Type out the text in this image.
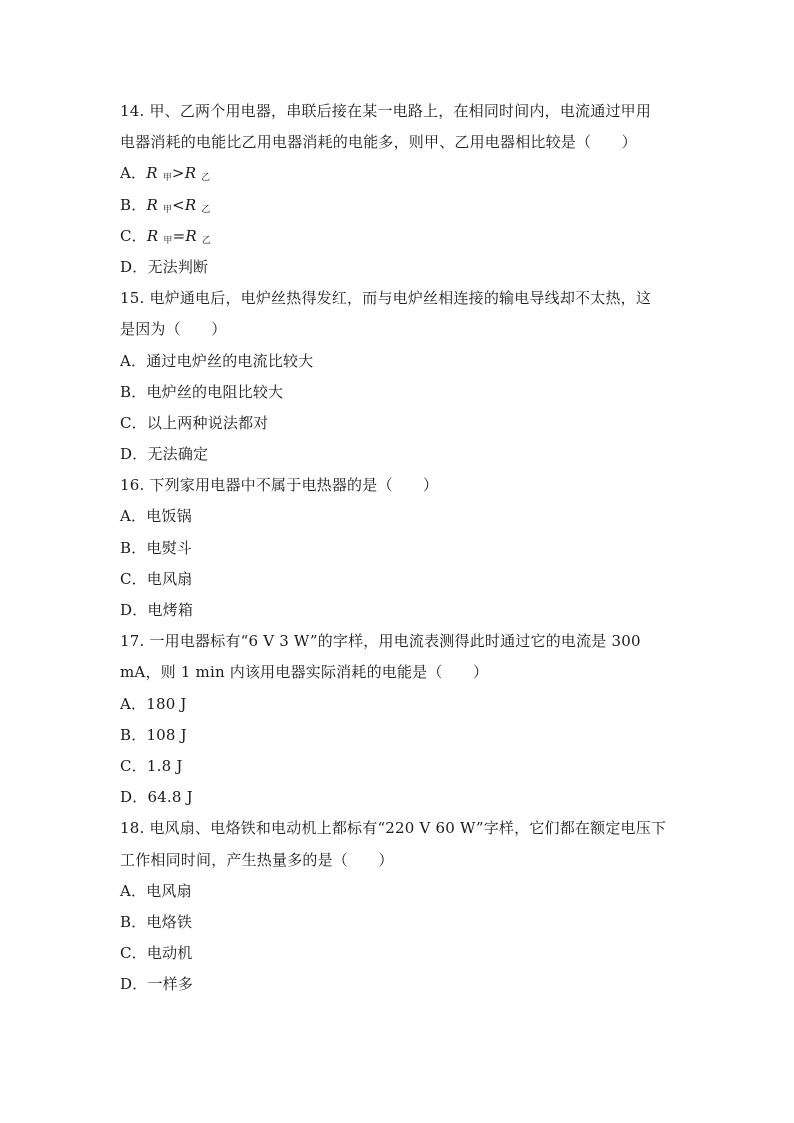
14. 甲、乙两个用电器，串联后接在某一电路上，在相同时间内，电流通过甲用
电器消耗的电能比乙用电器消耗的电能多，则甲、乙用电器相比较是（　　）
A．R $_甲$>R $_乙$
B．R $_甲$<R $_乙$
C．R $_甲$=R $_乙$
D．无法判断
15. 电炉通电后，电炉丝热得发红，而与电炉丝相连接的输电导线却不太热，这
是因为（　　）
A．通过电炉丝的电流比较大
B．电炉丝的电阻比较大
C．以上两种说法都对
D．无法确定
16. 下列家用电器中不属于电热器的是（　　）
A．电饭锅
B．电熨斗
C．电风扇
D．电烤箱
17. 一用电器标有“6 V 3 W”的字样，用电流表测得此时通过它的电流是 300
mA，则 1 min 内该用电器实际消耗的电能是（　　）
A．180 J
B．108 J
C．1.8 J
D．64.8 J
18. 电风扇、电烙铁和电动机上都标有“220 V 60 W”字样，它们都在额定电压下
工作相同时间，产生热量多的是（　　）
A．电风扇
B．电烙铁
C．电动机
D．一样多
